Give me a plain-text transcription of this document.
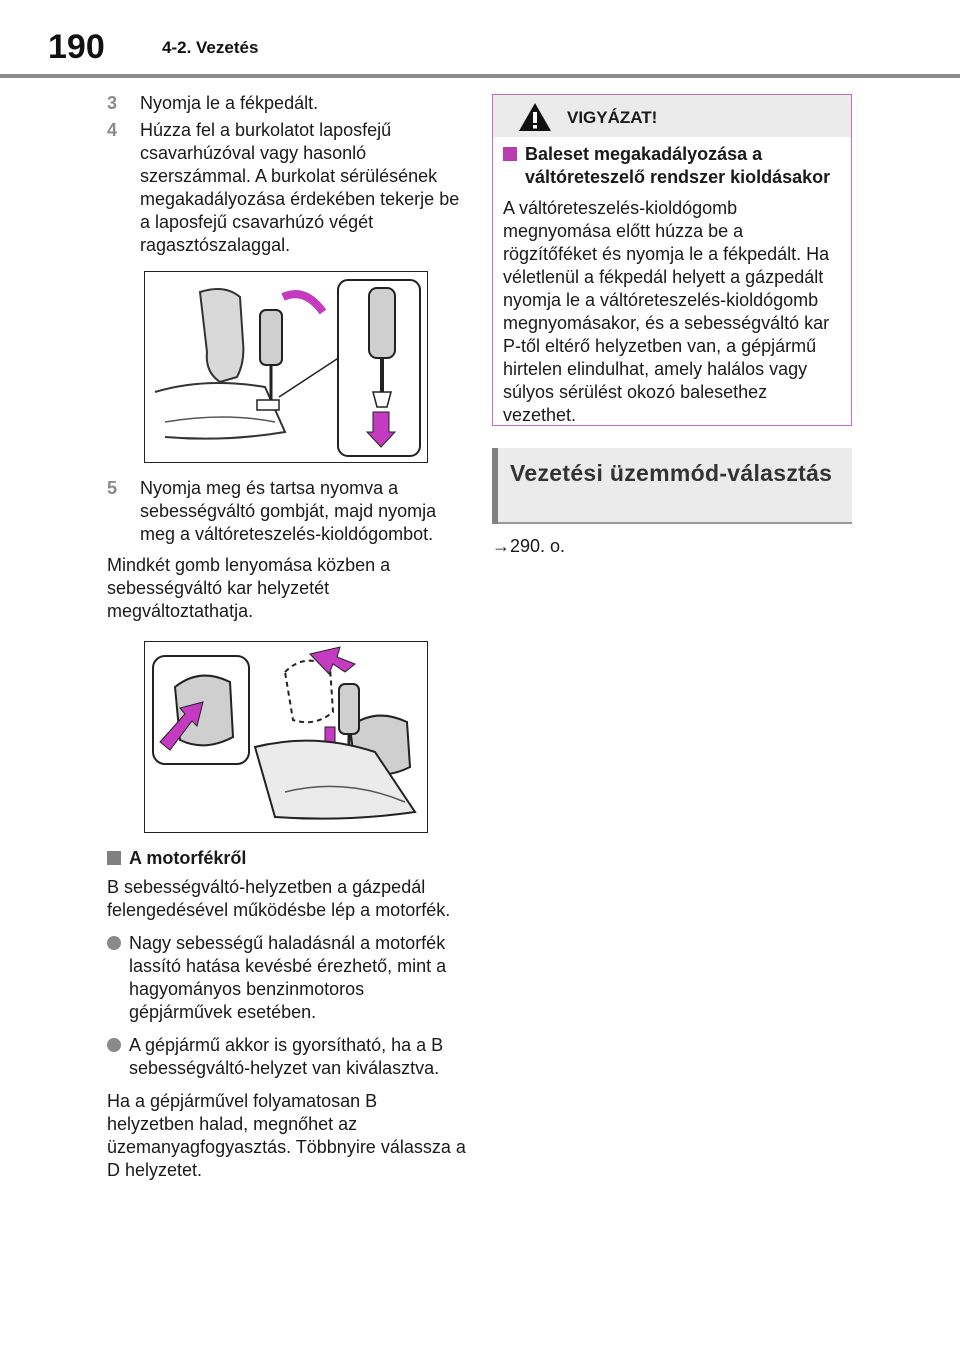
190	4-2. Vezetés
3 Nyomja le a fékpedált.
4 Húzza fel a burkolatot laposfejű csavarhúzóval vagy hasonló szerszámmal. A burkolat sérülésének megakadályozása érdekében tekerje be a laposfejű csavarhúzó végét ragasztószalaggal.
5 Nyomja meg és tartsa nyomva a sebességváltó gombját, majd nyomja meg a váltóreteszelés-kioldógombot.

Mindkét gomb lenyomása közben a sebességváltó kar helyzetét megváltoztathatja.

A motorfékről

B sebességváltó-helyzetben a gázpedál felengedésével működésbe lép a motorfék.

Nagy sebességű haladásnál a motorfék lassító hatása kevésbé érezhető, mint a hagyományos benzinmotoros gépjárművek esetében.
A gépjármű akkor is gyorsítható, ha a B sebességváltó-helyzet van kiválasztva.

Ha a gépjárművel folyamatosan B helyzetben halad, megnőhet az üzemanyagfogyasztás. Többnyire válassza a D helyzetet.

VIGYÁZAT!
Baleset megakadályozása a váltóreteszelő rendszer kioldásakor

A váltóreteszelés-kioldógomb megnyomása előtt húzza be a rögzítőféket és nyomja le a fékpedált. Ha véletlenül a fékpedál helyett a gázpedált nyomja le a váltóreteszelés-kioldógomb megnyomásakor, és a sebességváltó kar P-től eltérő helyzetben van, a gépjármű hirtelen elindulhat, amely halálos vagy súlyos sérülést okozó balesethez vezethet.

Vezetési üzemmód-választás
→290. o.
